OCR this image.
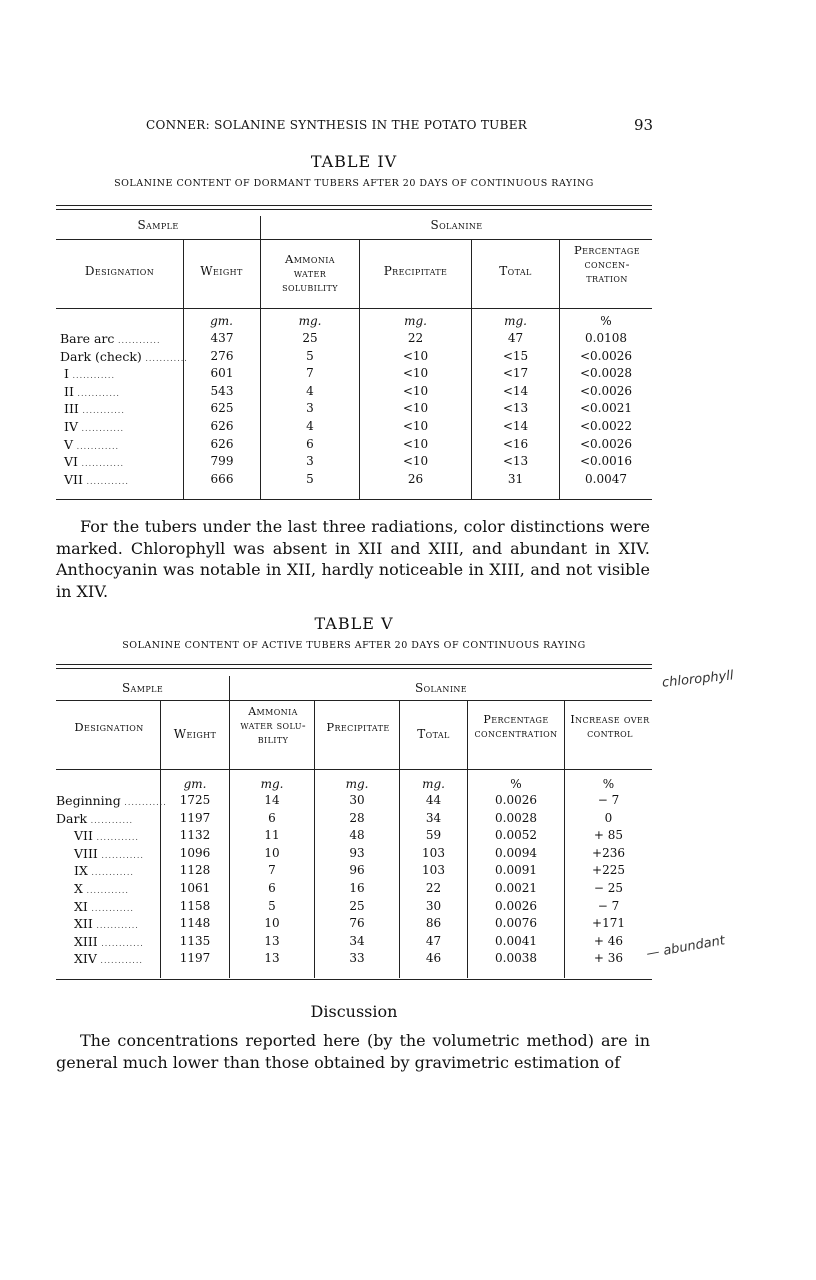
CONNER: SOLANINE SYNTHESIS IN THE POTATO TUBER	93
TABLE IV
SOLANINE CONTENT OF DORMANT TUBERS AFTER 20 DAYS OF CONTINUOUS RAYING
Sample	Solanine
Designation	Weight
Ammonia water solubility
Precipitate	Total
Percentage concentration
gm.	mg.	mg.	mg.	%
Bare arc ............	437	25	22	47	0.0108
Dark (check) ............	276	5	<10	<15	<0.0026
I ............	601	7	<10	<17	<0.0028
II ............	543	4	<10	<14	<0.0026
III ............	625	3	<10	<13	<0.0021
IV ............	626	4	<10	<14	<0.0022
V ............	626	6	<10	<16	<0.0026
VI ............	799	3	<10	<13	<0.0016
VII ............	666	5	26	31	0.0047
For the tubers under the last three radiations, color distinctions were marked. Chlorophyll was absent in XII and XIII, and abundant in XIV. Anthocyanin was notable in XII, hardly noticeable in XIII, and not visible in XIV.
TABLE V
SOLANINE CONTENT OF ACTIVE TUBERS AFTER 20 DAYS OF CONTINUOUS RAYING
Sample	Solanine
Designation	Weight
Ammonia water solubility
Precipitate	Total
Percentage concentration
Increase over control
gm.	mg.	mg.	mg.	%	%
Beginning ............	1725	14	30	44	0.0026	− 7
Dark ............	1197	6	28	34	0.0028	0
VII ............	1132	11	48	59	0.0052	+ 85
VIII ............	1096	10	93	103	0.0094	+236
IX ............	1128	7	96	103	0.0091	+225
X ............	1061	6	16	22	0.0021	− 25
XI ............	1158	5	25	30	0.0026	− 7
XII ............	1148	10	76	86	0.0076	+171
XIII ............	1135	13	34	47	0.0041	+ 46
XIV ............	1197	13	33	46	0.0038	+ 36
chlorophyll
— abundant
Discussion
The concentrations reported here (by the volumetric method) are in general much lower than those obtained by gravimetric estimation of
